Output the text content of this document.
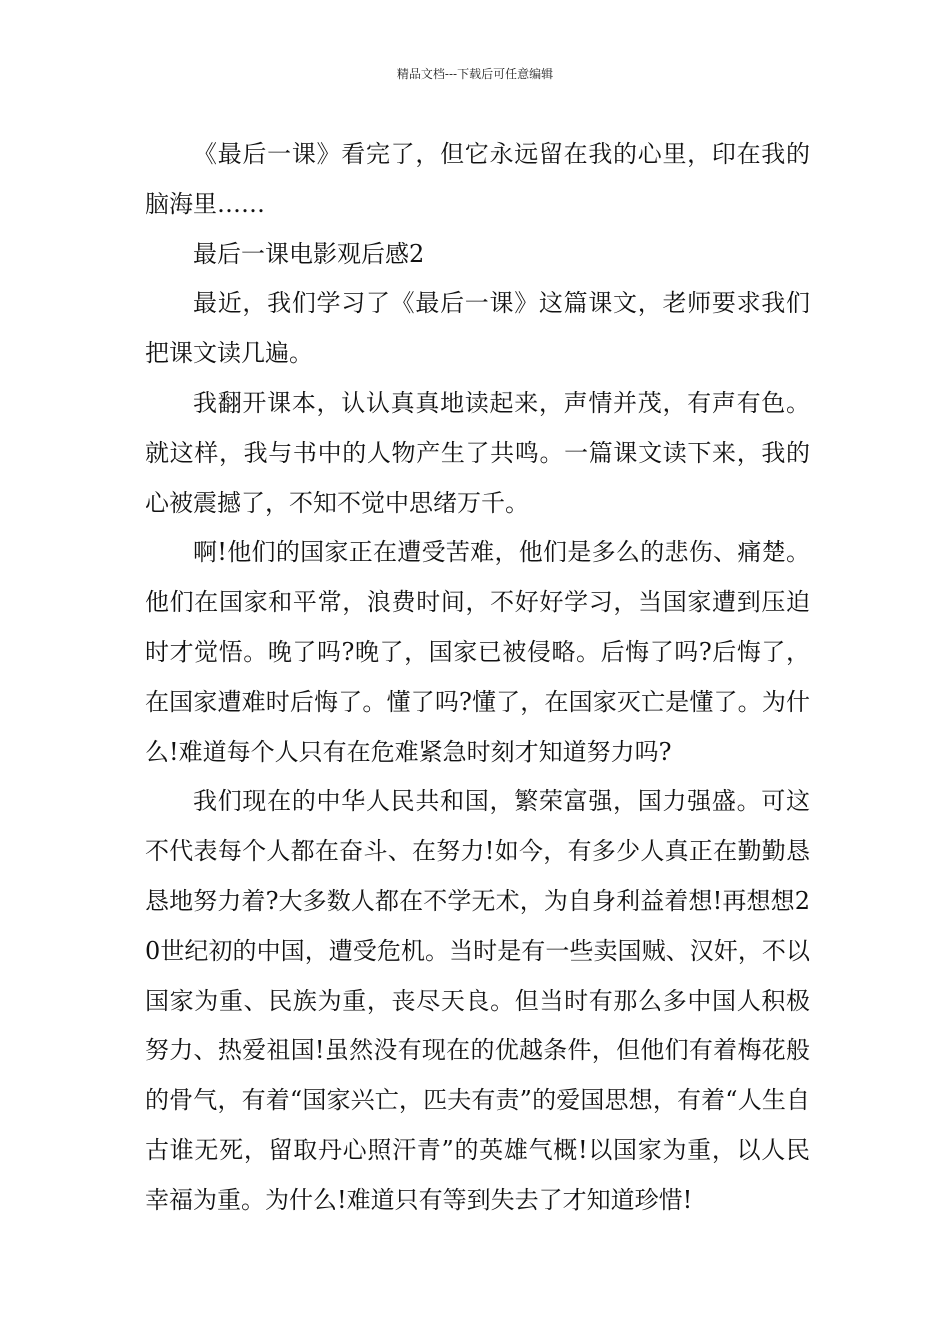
精品文档---下载后可任意编辑

《最后一课》看完了，但它永远留在我的心里，印在我的脑海里……

最后一课电影观后感2

最近，我们学习了《最后一课》这篇课文，老师要求我们把课文读几遍。

我翻开课本，认认真真地读起来，声情并茂，有声有色。就这样，我与书中的人物产生了共鸣。一篇课文读下来，我的心被震撼了，不知不觉中思绪万千。

啊!他们的国家正在遭受苦难，他们是多么的悲伤、痛楚。他们在国家和平常，浪费时间，不好好学习，当国家遭到压迫时才觉悟。晚了吗?晚了，国家已被侵略。后悔了吗?后悔了，在国家遭难时后悔了。懂了吗?懂了，在国家灭亡是懂了。为什么!难道每个人只有在危难紧急时刻才知道努力吗?

我们现在的中华人民共和国，繁荣富强，国力强盛。可这不代表每个人都在奋斗、在努力!如今，有多少人真正在勤勤恳恳地努力着?大多数人都在不学无术，为自身利益着想!再想想20世纪初的中国，遭受危机。当时是有一些卖国贼、汉奸，不以国家为重、民族为重，丧尽天良。但当时有那么多中国人积极努力、热爱祖国!虽然没有现在的优越条件，但他们有着梅花般的骨气，有着“国家兴亡，匹夫有责”的爱国思想，有着“人生自古谁无死，留取丹心照汗青”的英雄气概!以国家为重，以人民幸福为重。为什么!难道只有等到失去了才知道珍惜!
